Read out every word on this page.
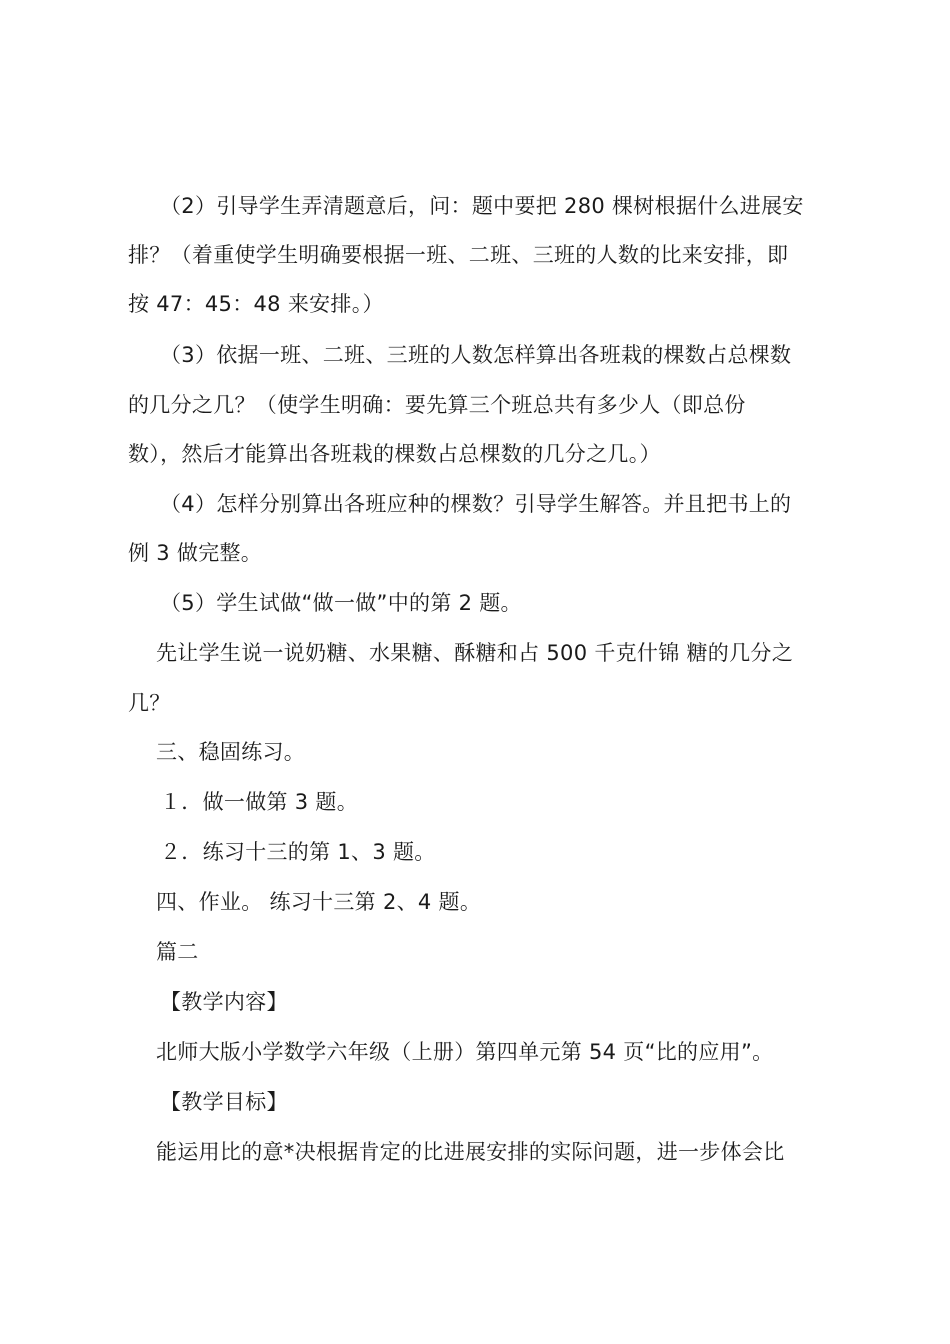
（2）引导学生弄清题意后，问：题中要把 280 棵树根据什么进展安
排？（着重使学生明确要根据一班、二班、三班的人数的比来安排，即
按 47：45：48 来安排。）
（3）依据一班、二班、三班的人数怎样算出各班栽的棵数占总棵数
的几分之几？（使学生明确：要先算三个班总共有多少人（即总份
数），然后才能算出各班栽的棵数占总棵数的几分之几。）
（4）怎样分别算出各班应种的棵数？引导学生解答。并且把书上的
例 3 做完整。
（5）学生试做“做一做”中的第 2 题。
先让学生说一说奶糖、水果糖、酥糖和占 500 千克什锦 糖的几分之
几？
三、稳固练习。
１．做一做第 3 题。
２．练习十三的第 1、3 题。
四、作业。 练习十三第 2、4 题。
篇二
【教学内容】
北师大版小学数学六年级（上册）第四单元第 54 页“比的应用”。
【教学目标】
能运用比的意*决根据肯定的比进展安排的实际问题，进一步体会比
